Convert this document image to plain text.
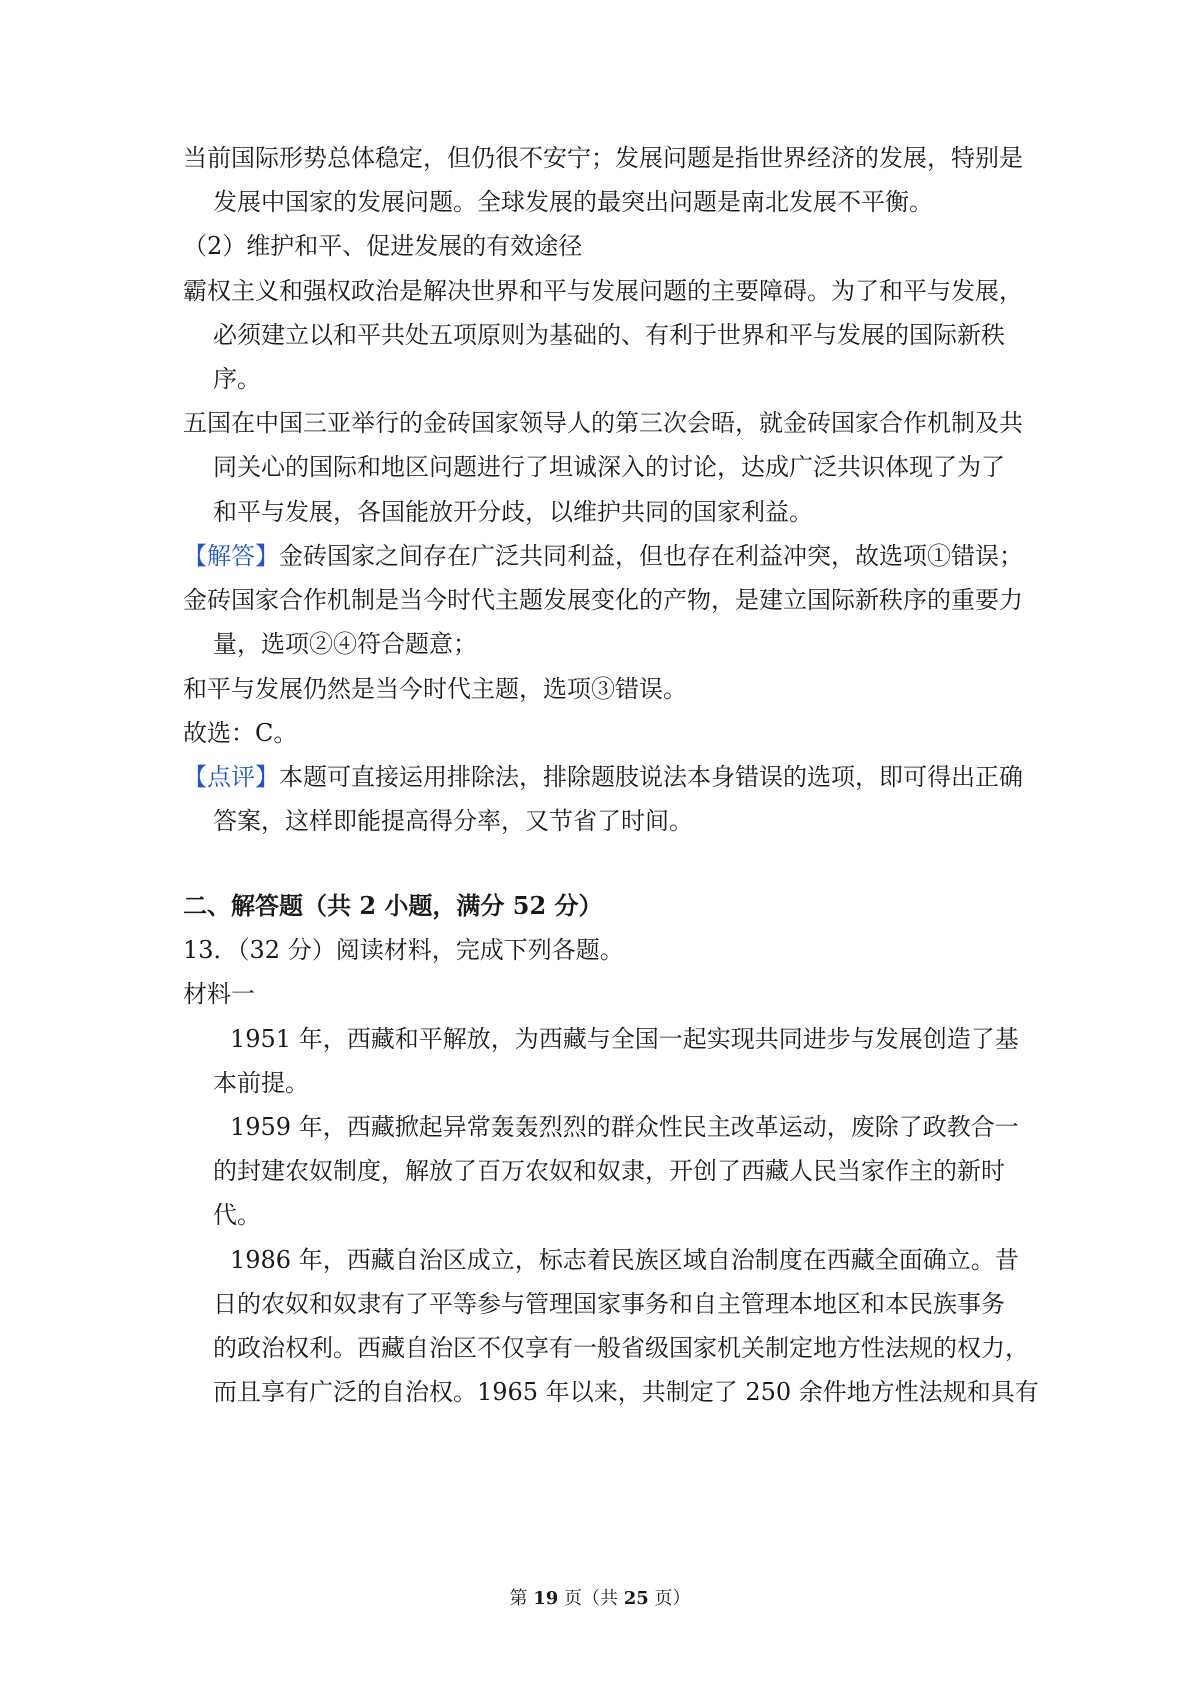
当前国际形势总体稳定，但仍很不安宁；发展问题是指世界经济的发展，特别是
发展中国家的发展问题。全球发展的最突出问题是南北发展不平衡。
（2）维护和平、促进发展的有效途径
霸权主义和强权政治是解决世界和平与发展问题的主要障碍。为了和平与发展，
必须建立以和平共处五项原则为基础的、有利于世界和平与发展的国际新秩
序。
五国在中国三亚举行的金砖国家领导人的第三次会晤，就金砖国家合作机制及共
同关心的国际和地区问题进行了坦诚深入的讨论，达成广泛共识体现了为了
和平与发展，各国能放开分歧，以维护共同的国家利益。
【解答】金砖国家之间存在广泛共同利益，但也存在利益冲突，故选项①错误；
金砖国家合作机制是当今时代主题发展变化的产物，是建立国际新秩序的重要力
量，选项②④符合题意；
和平与发展仍然是当今时代主题，选项③错误。
故选：C。
【点评】本题可直接运用排除法，排除题肢说法本身错误的选项，即可得出正确
答案，这样即能提高得分率，又节省了时间。
二、解答题（共 2 小题，满分 52 分）
13．（32 分）阅读材料，完成下列各题。
材料一
1951 年，西藏和平解放，为西藏与全国一起实现共同进步与发展创造了基
本前提。
1959 年，西藏掀起异常轰轰烈烈的群众性民主改革运动，废除了政教合一
的封建农奴制度，解放了百万农奴和奴隶，开创了西藏人民当家作主的新时
代。
1986 年，西藏自治区成立，标志着民族区域自治制度在西藏全面确立。昔
日的农奴和奴隶有了平等参与管理国家事务和自主管理本地区和本民族事务
的政治权利。西藏自治区不仅享有一般省级国家机关制定地方性法规的权力，
而且享有广泛的自治权。1965 年以来，共制定了 250 余件地方性法规和具有
第 19 页（共 25 页）
